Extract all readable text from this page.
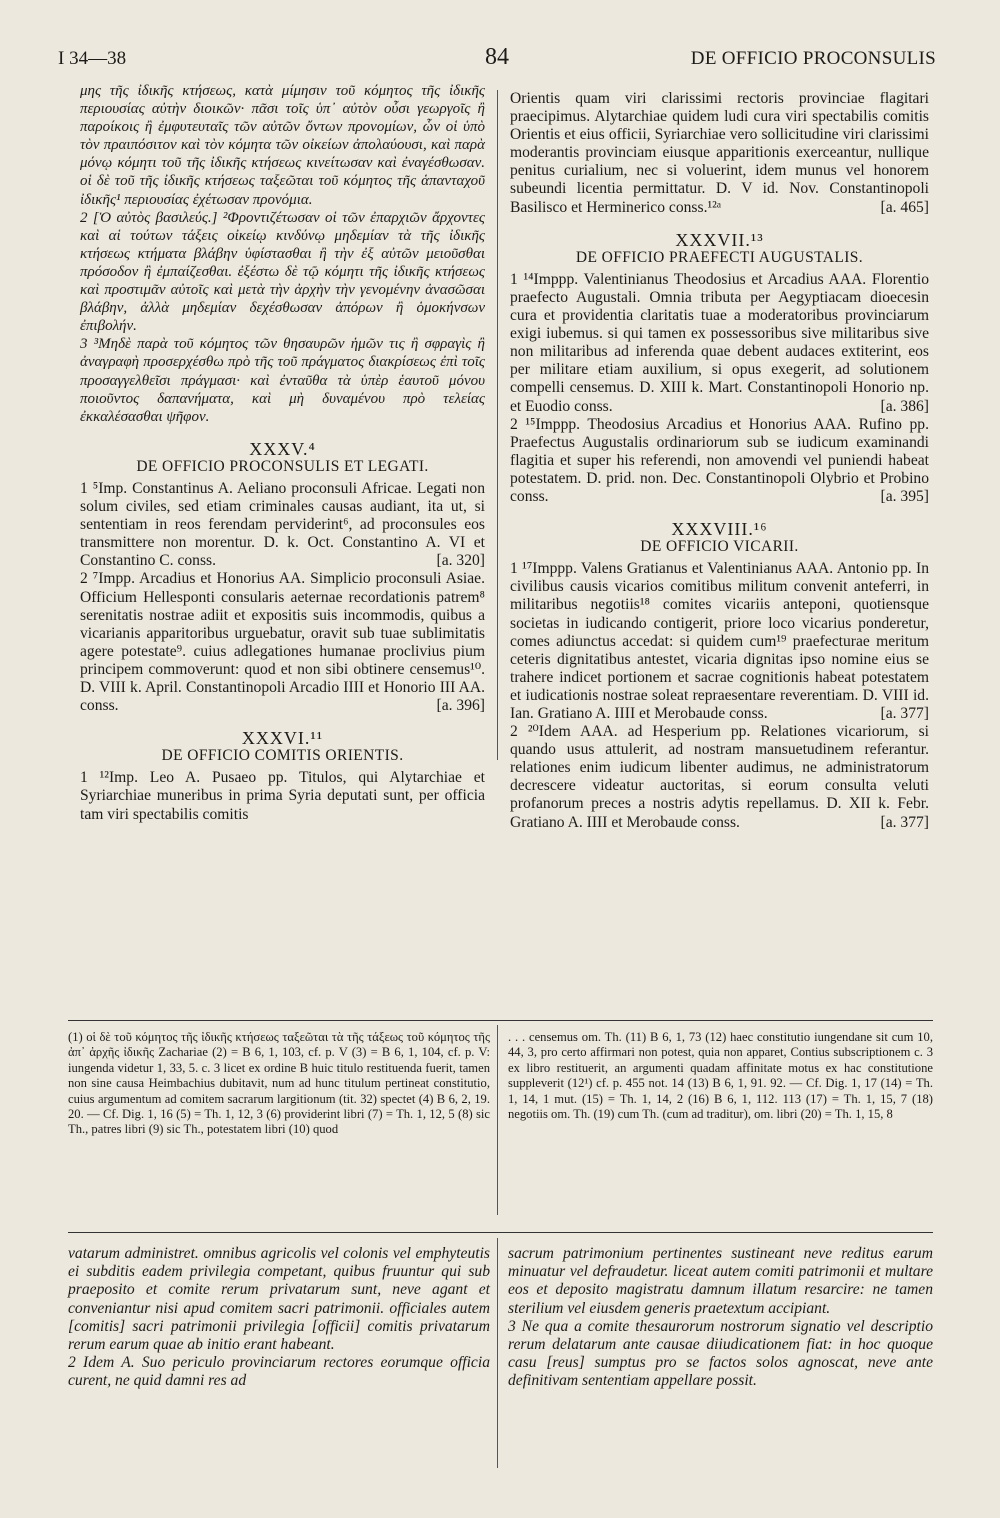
I 34—38	84	DE OFFICIO PROCONSULIS

μης τῆς ἰδικῆς κτήσεως, κατὰ μίμησιν τοῦ κόμητος τῆς ἰδικῆς περιουσίας αὐτὴν διοικῶν· πᾶσι τοῖς ὑπ᾽ αὐτὸν οὖσι γεωργοῖς ἢ παροίκοις ἢ ἐμφυτευταῖς τῶν αὐτῶν ὄντων προνομίων, ὧν οἱ ὑπὸ τὸν πραιπόσιτον καὶ τὸν κόμητα τῶν οἰκείων ἀπολαύουσι, καὶ παρὰ μόνῳ κόμητι τοῦ τῆς ἰδικῆς κτήσεως κινείτωσαν καὶ ἐναγέσθωσαν. οἱ δὲ τοῦ τῆς ἰδικῆς κτήσεως ταξεῶται τοῦ κόμητος τῆς ἁπανταχοῦ ἰδικῆς¹ περιουσίας ἐχέτωσαν προνόμια.

2 [Ὁ αὐτὸς βασιλεύς.] ²Φροντιζέτωσαν οἱ τῶν ἐπαρχιῶν ἄρχοντες καὶ αἱ τούτων τάξεις οἰκείῳ κινδύνῳ μηδεμίαν τὰ τῆς ἰδικῆς κτήσεως κτήματα βλάβην ὑφίστασθαι ἢ τὴν ἐξ αὐτῶν μειοῦσθαι πρόσοδον ἢ ἐμπαίζεσθαι. ἐξέστω δὲ τῷ κόμητι τῆς ἰδικῆς κτήσεως καὶ προστιμᾶν αὐτοῖς καὶ μετὰ τὴν ἀρχὴν τὴν γενομένην ἀνασῶσαι βλάβην, ἀλλὰ μηδεμίαν δεχέσθωσαν ἀπόρων ἢ ὁμοκήνσων ἐπιβολήν.

3 ³Μηδὲ παρὰ τοῦ κόμητος τῶν θησαυρῶν ἡμῶν τις ἢ σφραγὶς ἢ ἀναγραφὴ προσερχέσθω πρὸ τῆς τοῦ πράγματος διακρίσεως ἐπὶ τοῖς προσαγγελθεῖσι πράγμασι· καὶ ἐνταῦθα τὰ ὑπὲρ ἑαυτοῦ μόνου ποιοῦντος δαπανήματα, καὶ μὴ δυναμένου πρὸ τελείας ἐκκαλέσασθαι ψῆφον.

XXXV.⁴
DE OFFICIO PROCONSULIS ET LEGATI.

1 ⁵Imp. Constantinus A. Aeliano proconsuli Africae. Legati non solum civiles, sed etiam criminales causas audiant, ita ut, si sententiam in reos ferendam perviderint⁶, ad proconsules eos transmittere non morentur. D. k. Oct. Constantino A. VI et Constantino C. conss.	[a. 320]

2 ⁷Impp. Arcadius et Honorius AA. Simplicio proconsuli Asiae. Officium Hellesponti consularis aeternae recordationis patrem⁸ serenitatis nostrae adiit et expositis suis incommodis, quibus a vicarianis apparitoribus urguebatur, oravit sub tuae sublimitatis agere potestate⁹. cuius adlegationes humanae proclivius pium principem commoverunt: quod et non sibi obtinere censemus¹⁰. D. VIII k. April. Constantinopoli Arcadio IIII et Honorio III AA. conss.	[a. 396]

XXXVI.¹¹
DE OFFICIO COMITIS ORIENTIS.

1 ¹²Imp. Leo A. Pusaeo pp. Titulos, qui Alytarchiae et Syriarchiae muneribus in prima Syria deputati sunt, per officia tam viri spectabilis comitis

Orientis quam viri clarissimi rectoris provinciae flagitari praecipimus. Alytarchiae quidem ludi cura viri spectabilis comitis Orientis et eius officii, Syriarchiae vero sollicitudine viri clarissimi moderantis provinciam eiusque apparitionis exerceantur, nullique penitus curialium, nec si voluerint, idem munus vel honorem subeundi licentia permittatur. D. V id. Nov. Constantinopoli Basilisco et Herminerico conss.¹²ᵃ	[a. 465]

XXXVII.¹³
DE OFFICIO PRAEFECTI AUGUSTALIS.

1 ¹⁴Imppp. Valentinianus Theodosius et Arcadius AAA. Florentio praefecto Augustali. Omnia tributa per Aegyptiacam dioecesin cura et providentia claritatis tuae a moderatoribus provinciarum exigi iubemus. si qui tamen ex possessoribus sive militaribus sive non militaribus ad inferenda quae debent audaces extiterint, eos per militare etiam auxilium, si opus exegerit, ad solutionem compelli censemus. D. XIII k. Mart. Constantinopoli Honorio np. et Euodio conss.	[a. 386]

2 ¹⁵Imppp. Theodosius Arcadius et Honorius AAA. Rufino pp. Praefectus Augustalis ordinariorum sub se iudicum examinandi flagitia et super his referendi, non amovendi vel puniendi habeat potestatem. D. prid. non. Dec. Constantinopoli Olybrio et Probino conss.	[a. 395]

XXXVIII.¹⁶
DE OFFICIO VICARII.

1 ¹⁷Imppp. Valens Gratianus et Valentinianus AAA. Antonio pp. In civilibus causis vicarios comitibus militum convenit anteferri, in militaribus negotiis¹⁸ comites vicariis anteponi, quotiensque societas in iudicando contigerit, priore loco vicarius ponderetur, comes adiunctus accedat: si quidem cum¹⁹ praefecturae meritum ceteris dignitatibus antestet, vicaria dignitas ipso nomine eius se trahere indicet portionem et sacrae cognitionis habeat potestatem et iudicationis nostrae soleat repraesentare reverentiam. D. VIII id. Ian. Gratiano A. IIII et Merobaude conss.	[a. 377]

2 ²⁰Idem AAA. ad Hesperium pp. Relationes vicariorum, si quando usus attulerit, ad nostram mansuetudinem referantur. relationes enim iudicum libenter audimus, ne administratorum decrescere videatur auctoritas, si eorum consulta veluti profanorum preces a nostris adytis repellamus. D. XII k. Febr. Gratiano A. IIII et Merobaude conss.	[a. 377]

(1) οἱ δὲ τοῦ κόμητος τῆς ἰδικῆς κτήσεως ταξεῶται τὰ τῆς τάξεως τοῦ κόμητος τῆς ἀπ᾽ ἀρχῆς ἰδικῆς Zachariae (2) = B 6, 1, 103, cf. p. V (3) = B 6, 1, 104, cf. p. V: iungenda videtur 1, 33, 5. c. 3 licet ex ordine B huic titulo restituenda fuerit, tamen non sine causa Heimbachius dubitavit, num ad hunc titulum pertineat constitutio, cuius argumentum ad comitem sacrarum largitionum (tit. 32) spectet (4) B 6, 2, 19. 20. — Cf. Dig. 1, 16 (5) = Th. 1, 12, 3 (6) providerint libri (7) = Th. 1, 12, 5 (8) sic Th., patres libri (9) sic Th., potestatem libri (10) quod
. . . censemus om. Th. (11) B 6, 1, 73 (12) haec constitutio iungendane sit cum 10, 44, 3, pro certo affirmari non potest, quia non apparet, Contius subscriptionem c. 3 ex libro restituerit, an argumenti quadam affinitate motus ex hac constitutione suppleverit (12¹) cf. p. 455 not. 14 (13) B 6, 1, 91. 92. — Cf. Dig. 1, 17 (14) = Th. 1, 14, 1 mut. (15) = Th. 1, 14, 2 (16) B 6, 1, 112. 113 (17) = Th. 1, 15, 7 (18) negotiis om. Th. (19) cum Th. (cum ad traditur), om. libri (20) = Th. 1, 15, 8

vatarum administret. omnibus agricolis vel colonis vel emphyteutis ei subditis eadem privilegia competant, quibus fruuntur qui sub praeposito et comite rerum privatarum sunt, neve agant et conveniantur nisi apud comitem sacri patrimonii. officiales autem [comitis] sacri patrimonii privilegia [officii] comitis privatarum rerum earum quae ab initio erant habeant.

2 Idem A. Suo periculo provinciarum rectores eorumque officia curent, ne quid damni res ad

sacrum patrimonium pertinentes sustineant neve reditus earum minuatur vel defraudetur. liceat autem comiti patrimonii et multare eos et deposito magistratu damnum illatum resarcire: ne tamen sterilium vel eiusdem generis praetextum accipiant.

3 Ne qua a comite thesaurorum nostrorum signatio vel descriptio rerum delatarum ante causae diiudicationem fiat: in hoc quoque casu [reus] sumptus pro se factos solos agnoscat, neve ante definitivam sententiam appellare possit.
